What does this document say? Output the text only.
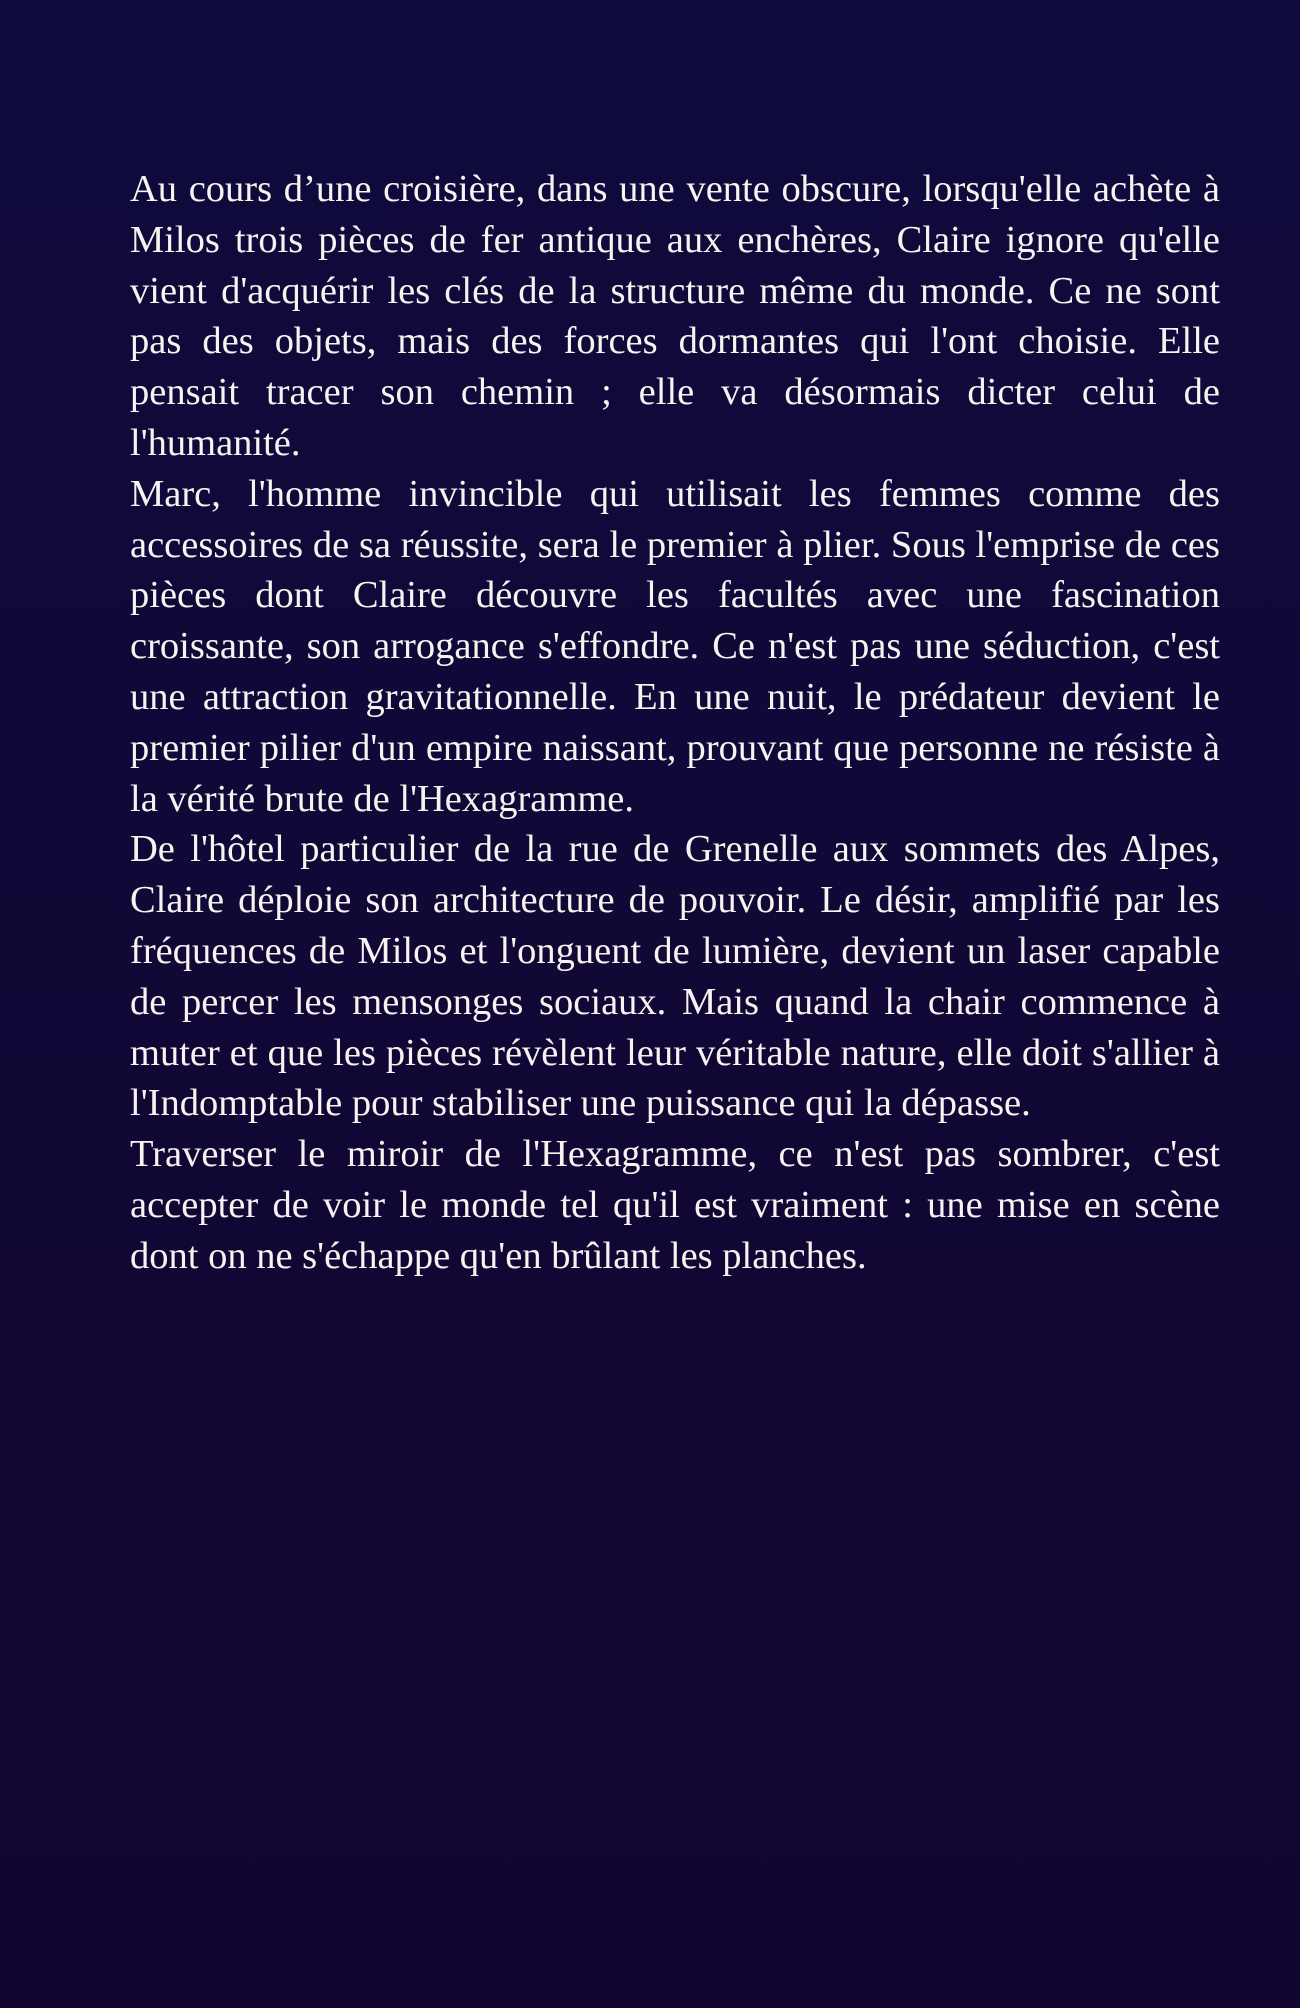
Au cours d’une croisière, dans une vente obscure, lorsqu'elle achète à Milos trois pièces de fer antique aux enchères, Claire ignore qu'elle vient d'acquérir les clés de la structure même du monde. Ce ne sont pas des objets, mais des forces dormantes qui l'ont choisie. Elle pensait tracer son chemin ; elle va désormais dicter celui de l'humanité.

Marc, l'homme invincible qui utilisait les femmes comme des accessoires de sa réussite, sera le premier à plier. Sous l'emprise de ces pièces dont Claire découvre les facultés avec une fascination croissante, son arrogance s'effondre. Ce n'est pas une séduction, c'est une attraction gravitationnelle. En une nuit, le prédateur devient le premier pilier d'un empire naissant, prouvant que personne ne résiste à la vérité brute de l'Hexagramme.

De l'hôtel particulier de la rue de Grenelle aux sommets des Alpes, Claire déploie son architecture de pouvoir. Le désir, amplifié par les fréquences de Milos et l'onguent de lumière, devient un laser capable de percer les mensonges sociaux. Mais quand la chair commence à muter et que les pièces révèlent leur véritable nature, elle doit s'allier à l'Indomptable pour stabiliser une puissance qui la dépasse.

Traverser le miroir de l'Hexagramme, ce n'est pas sombrer, c'est accepter de voir le monde tel qu'il est vraiment : une mise en scène dont on ne s'échappe qu'en brûlant les planches.
